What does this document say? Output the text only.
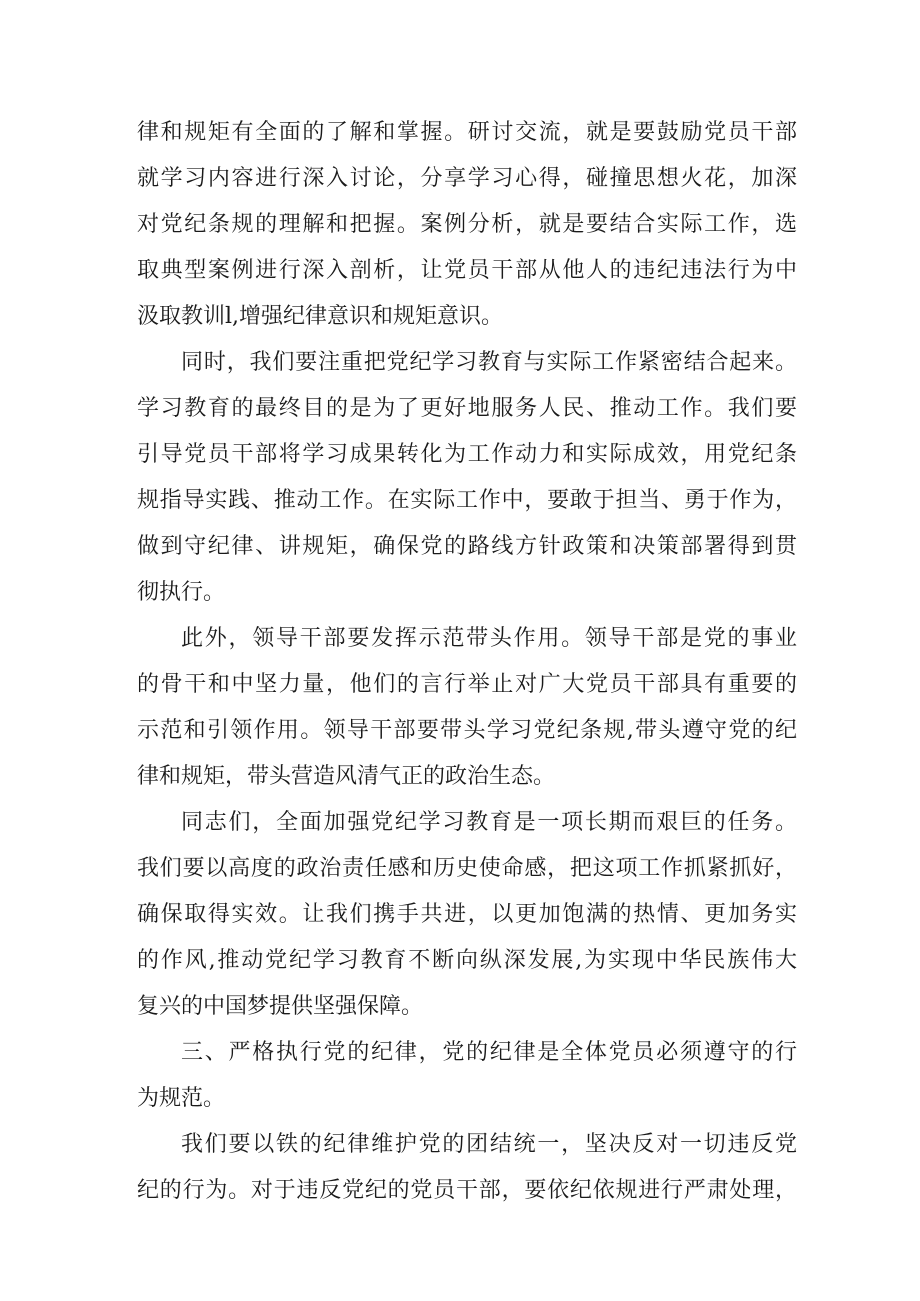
律和规矩有全面的了解和掌握。研讨交流，就是要鼓励党员干部
就学习内容进行深入讨论，分享学习心得，碰撞思想火花，加深
对党纪条规的理解和把握。案例分析，就是要结合实际工作，选
取典型案例进行深入剖析，让党员干部从他人的违纪违法行为中
汲取教训l,增强纪律意识和规矩意识。
同时，我们要注重把党纪学习教育与实际工作紧密结合起来。
学习教育的最终目的是为了更好地服务人民、推动工作。我们要
引导党员干部将学习成果转化为工作动力和实际成效，用党纪条
规指导实践、推动工作。在实际工作中，要敢于担当、勇于作为，
做到守纪律、讲规矩，确保党的路线方针政策和决策部署得到贯
彻执行。
此外，领导干部要发挥示范带头作用。领导干部是党的事业
的骨干和中坚力量，他们的言行举止对广大党员干部具有重要的
示范和引领作用。领导干部要带头学习党纪条规,带头遵守党的纪
律和规矩，带头营造风清气正的政治生态。
同志们，全面加强党纪学习教育是一项长期而艰巨的任务。
我们要以高度的政治责任感和历史使命感，把这项工作抓紧抓好，
确保取得实效。让我们携手共进，以更加饱满的热情、更加务实
的作风,推动党纪学习教育不断向纵深发展,为实现中华民族伟大
复兴的中国梦提供坚强保障。
三、严格执行党的纪律，党的纪律是全体党员必须遵守的行
为规范。
我们要以铁的纪律维护党的团结统一，坚决反对一切违反党
纪的行为。对于违反党纪的党员干部，要依纪依规进行严肃处理，
